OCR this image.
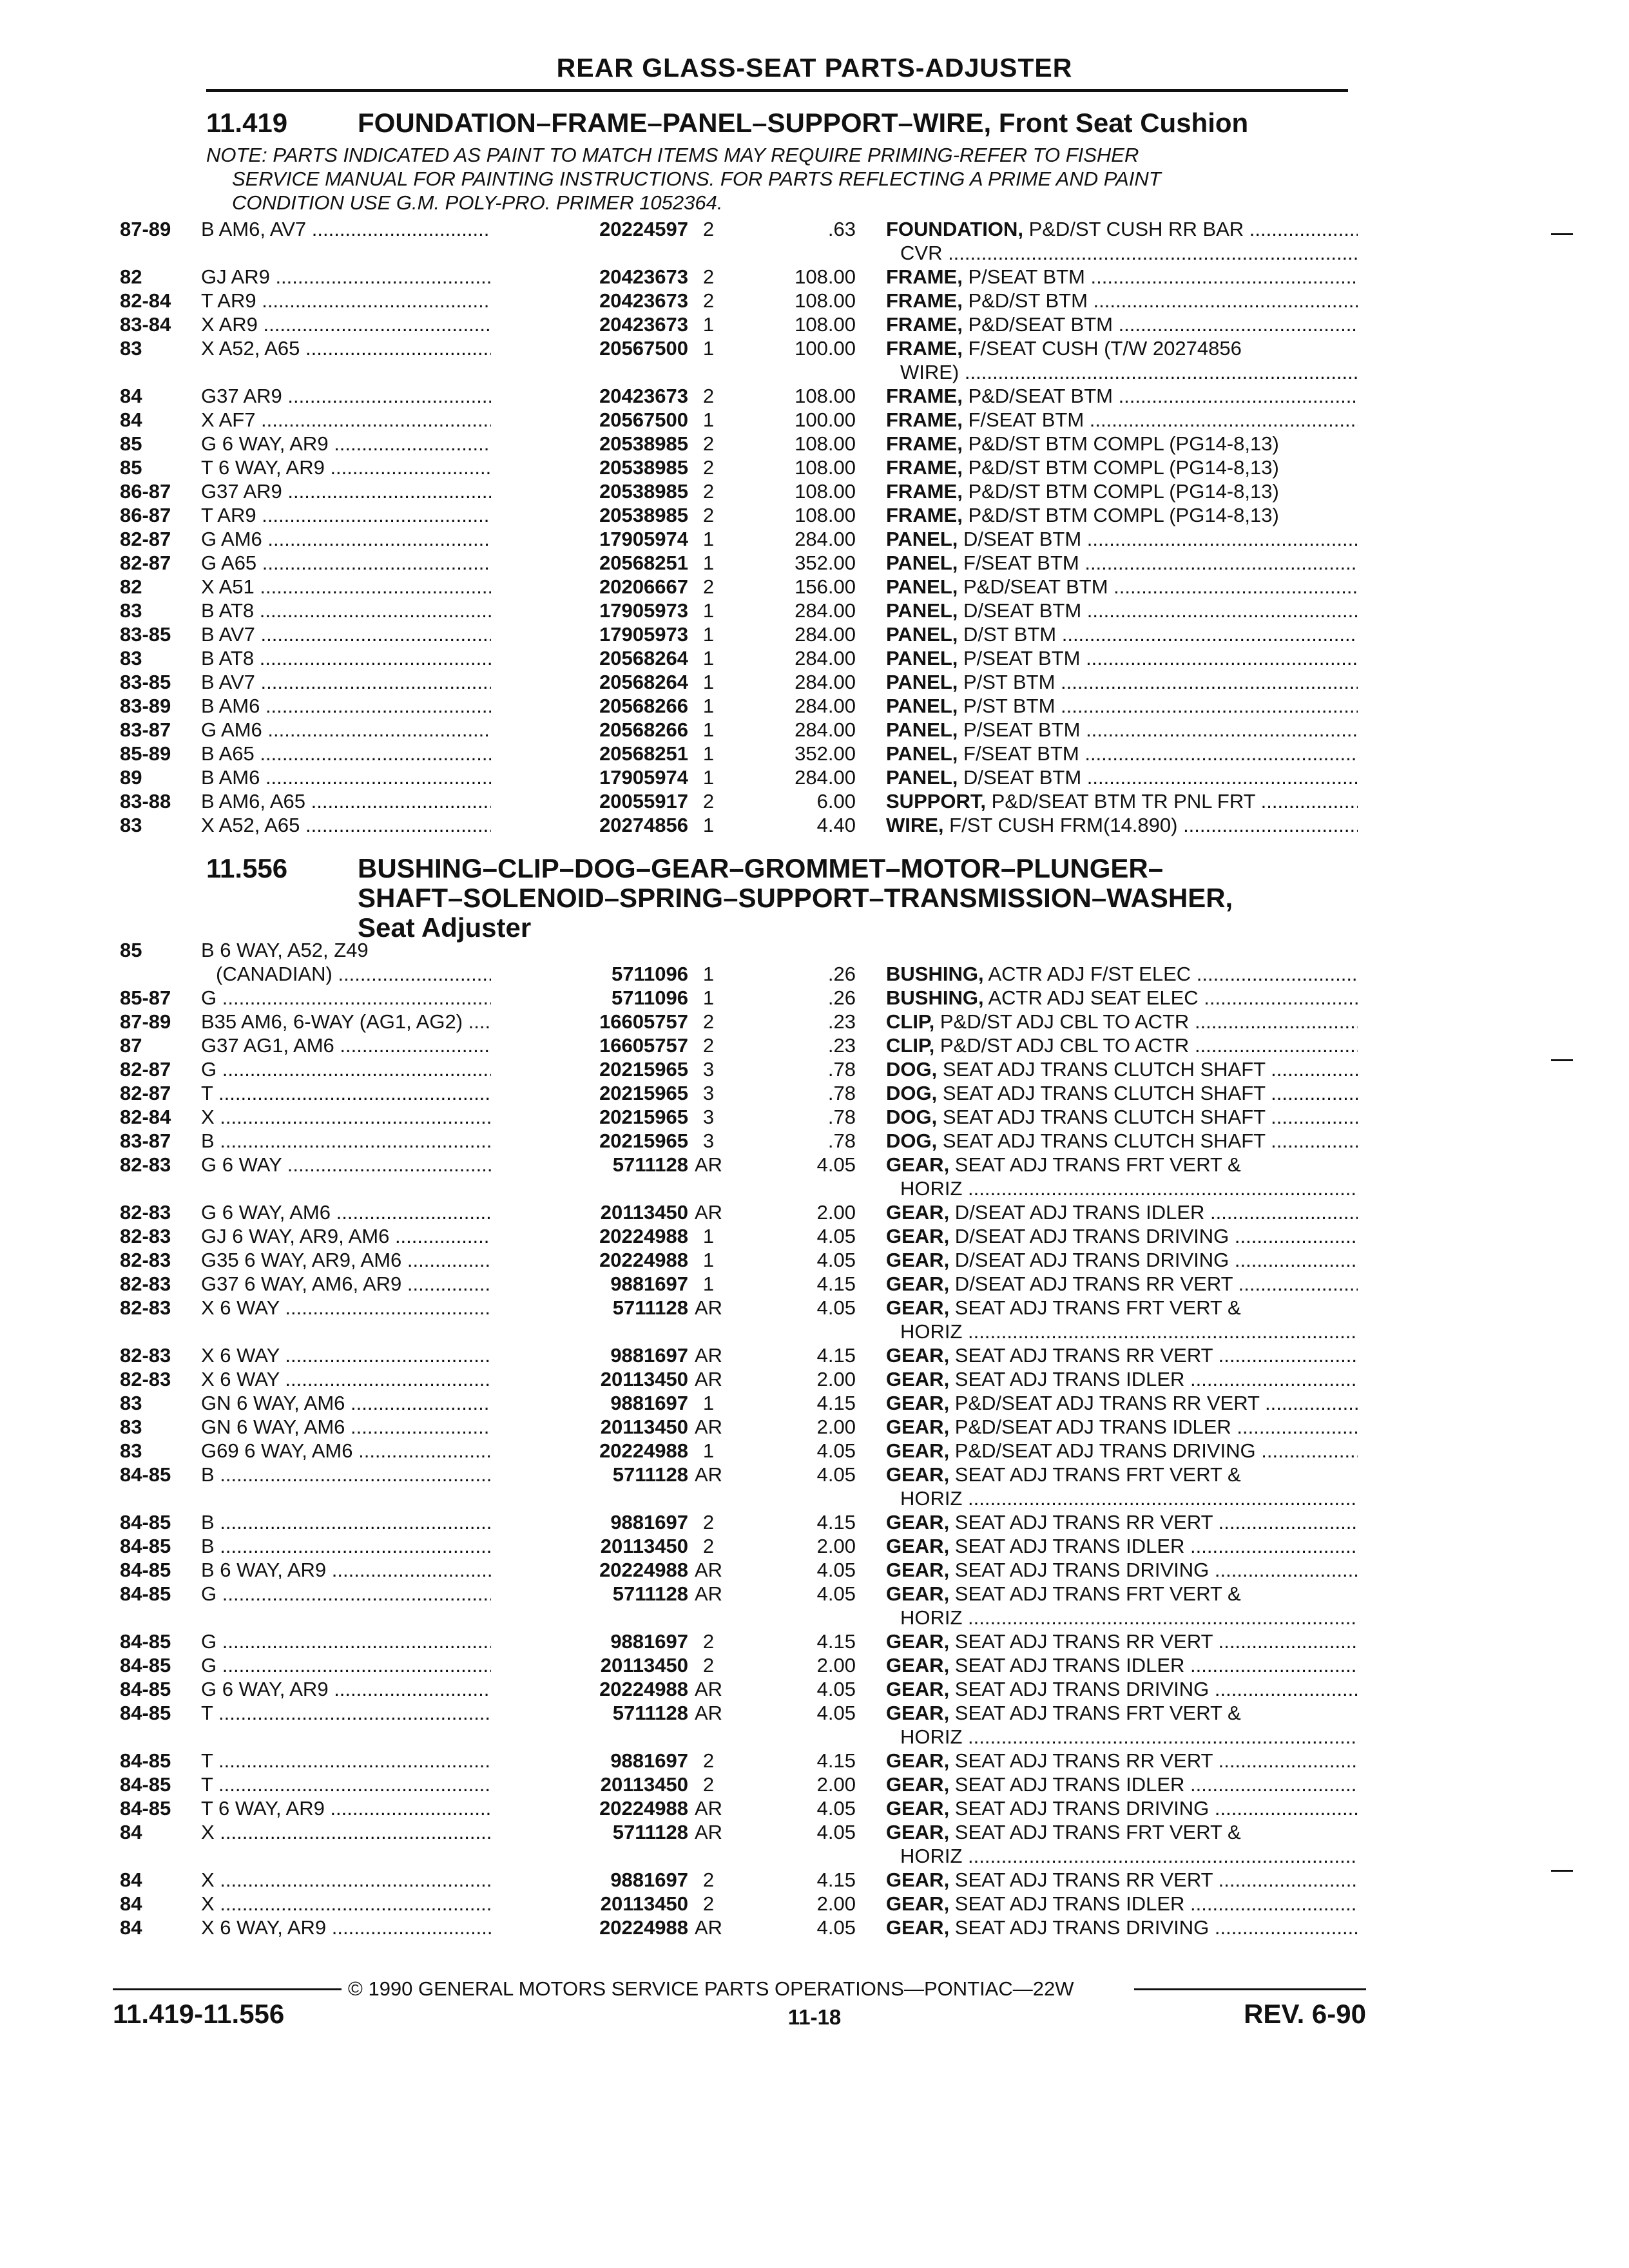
REAR GLASS-SEAT PARTS-ADJUSTER
11.419	FOUNDATION–FRAME–PANEL–SUPPORT–WIRE, Front Seat Cushion
NOTE: PARTS INDICATED AS PAINT TO MATCH ITEMS MAY REQUIRE PRIMING-REFER TO FISHER
SERVICE MANUAL FOR PAINTING INSTRUCTIONS. FOR PARTS REFLECTING A PRIME AND PAINT
CONDITION USE G.M. POLY-PRO. PRIMER 1052364.
87-89 B AM6, AV7 .....	20224597 2	.63 FOUNDATION, P&D/ST CUSH RR BAR .....
CVR .....
82	GJ AR9 .....	20423673 2	108.00 FRAME, P/SEAT BTM .....
82-84 T AR9 .....	20423673 2	108.00 FRAME, P&D/ST BTM .....
83-84 X AR9 .....	20423673 1	108.00 FRAME, P&D/SEAT BTM .....
83	X A52, A65 .....	20567500 1	100.00 FRAME, F/SEAT CUSH (T/W 20274856
WIRE) .....
84	G37 AR9 .....	20423673 2	108.00 FRAME, P&D/SEAT BTM .....
84	X AF7 .....	20567500 1	100.00 FRAME, F/SEAT BTM .....
85	G 6 WAY, AR9 .....	20538985 2	108.00 FRAME, P&D/ST BTM COMPL (PG14-8,13)
85	T 6 WAY, AR9 .....	20538985 2	108.00 FRAME, P&D/ST BTM COMPL (PG14-8,13)
86-87 G37 AR9 .....	20538985 2	108.00 FRAME, P&D/ST BTM COMPL (PG14-8,13)
86-87 T AR9 .....	20538985 2	108.00 FRAME, P&D/ST BTM COMPL (PG14-8,13)
82-87 G AM6 .....	17905974 1	284.00 PANEL, D/SEAT BTM .....
82-87 G A65 .....	20568251 1	352.00 PANEL, F/SEAT BTM .....
82	X A51 .....	20206667 2	156.00 PANEL, P&D/SEAT BTM .....
83	B AT8 .....	17905973 1	284.00 PANEL, D/SEAT BTM .....
83-85 B AV7 .....	17905973 1	284.00 PANEL, D/ST BTM .....
83	B AT8 .....	20568264 1	284.00 PANEL, P/SEAT BTM .....
83-85 B AV7 .....	20568264 1	284.00 PANEL, P/ST BTM .....
83-89 B AM6 .....	20568266 1	284.00 PANEL, P/ST BTM .....
83-87 G AM6 .....	20568266 1	284.00 PANEL, P/SEAT BTM .....
85-89 B A65 .....	20568251 1	352.00 PANEL, F/SEAT BTM .....
89	B AM6 .....	17905974 1	284.00 PANEL, D/SEAT BTM .....
83-88 B AM6, A65 .....	20055917 2	6.00 SUPPORT, P&D/SEAT BTM TR PNL FRT .....
83	X A52, A65 .....	20274856 1	4.40 WIRE, F/ST CUSH FRM(14.890) .....
11.556	BUSHING–CLIP–DOG–GEAR–GROMMET–MOTOR–PLUNGER–
SHAFT–SOLENOID–SPRING–SUPPORT–TRANSMISSION–WASHER,
Seat Adjuster
85	B 6 WAY, A52, Z49
(CANADIAN) .....	5711096 1	.26 BUSHING, ACTR ADJ F/ST ELEC .....
85-87 G .....	5711096 1	.26 BUSHING, ACTR ADJ SEAT ELEC .....
87-89 B35 AM6, 6-WAY (AG1, AG2) .....	16605757 2	.23 CLIP, P&D/ST ADJ CBL TO ACTR .....
87	G37 AG1, AM6 .....	16605757 2	.23 CLIP, P&D/ST ADJ CBL TO ACTR .....
82-87 G .....	20215965 3	.78 DOG, SEAT ADJ TRANS CLUTCH SHAFT .....
82-87 T .....	20215965 3	.78 DOG, SEAT ADJ TRANS CLUTCH SHAFT .....
82-84 X .....	20215965 3	.78 DOG, SEAT ADJ TRANS CLUTCH SHAFT .....
83-87 B .....	20215965 3	.78 DOG, SEAT ADJ TRANS CLUTCH SHAFT .....
82-83 G 6 WAY .....	5711128 AR	4.05 GEAR, SEAT ADJ TRANS FRT VERT &
HORIZ .....
82-83 G 6 WAY, AM6 .....	20113450 AR	2.00 GEAR, D/SEAT ADJ TRANS IDLER .....
82-83 GJ 6 WAY, AR9, AM6 .....	20224988 1	4.05 GEAR, D/SEAT ADJ TRANS DRIVING .....
82-83 G35 6 WAY, AR9, AM6 .....	20224988 1	4.05 GEAR, D/SEAT ADJ TRANS DRIVING .....
82-83 G37 6 WAY, AM6, AR9 .....	9881697 1	4.15 GEAR, D/SEAT ADJ TRANS RR VERT .....
82-83 X 6 WAY .....	5711128 AR	4.05 GEAR, SEAT ADJ TRANS FRT VERT &
HORIZ .....
82-83 X 6 WAY .....	9881697 AR	4.15 GEAR, SEAT ADJ TRANS RR VERT .....
82-83 X 6 WAY .....	20113450 AR	2.00 GEAR, SEAT ADJ TRANS IDLER .....
83	GN 6 WAY, AM6 .....	9881697 1	4.15 GEAR, P&D/SEAT ADJ TRANS RR VERT .....
83	GN 6 WAY, AM6 .....	20113450 AR	2.00 GEAR, P&D/SEAT ADJ TRANS IDLER .....
83	G69 6 WAY, AM6 .....	20224988 1	4.05 GEAR, P&D/SEAT ADJ TRANS DRIVING .....
84-85 B .....	5711128 AR	4.05 GEAR, SEAT ADJ TRANS FRT VERT &
HORIZ .....
84-85 B .....	9881697 2	4.15 GEAR, SEAT ADJ TRANS RR VERT .....
84-85 B .....	20113450 2	2.00 GEAR, SEAT ADJ TRANS IDLER .....
84-85 B 6 WAY, AR9 .....	20224988 AR	4.05 GEAR, SEAT ADJ TRANS DRIVING .....
84-85 G .....	5711128 AR	4.05 GEAR, SEAT ADJ TRANS FRT VERT &
HORIZ .....
84-85 G .....	9881697 2	4.15 GEAR, SEAT ADJ TRANS RR VERT .....
84-85 G .....	20113450 2	2.00 GEAR, SEAT ADJ TRANS IDLER .....
84-85 G 6 WAY, AR9 .....	20224988 AR	4.05 GEAR, SEAT ADJ TRANS DRIVING .....
84-85 T .....	5711128 AR	4.05 GEAR, SEAT ADJ TRANS FRT VERT &
HORIZ .....
84-85 T .....	9881697 2	4.15 GEAR, SEAT ADJ TRANS RR VERT .....
84-85 T .....	20113450 2	2.00 GEAR, SEAT ADJ TRANS IDLER .....
84-85 T 6 WAY, AR9 .....	20224988 AR	4.05 GEAR, SEAT ADJ TRANS DRIVING .....
84	X .....	5711128 AR	4.05 GEAR, SEAT ADJ TRANS FRT VERT &
HORIZ .....
84	X .....	9881697 2	4.15 GEAR, SEAT ADJ TRANS RR VERT .....
84	X .....	20113450 2	2.00 GEAR, SEAT ADJ TRANS IDLER .....
84	X 6 WAY, AR9 .....	20224988 AR	4.05 GEAR, SEAT ADJ TRANS DRIVING .....
© 1990 GENERAL MOTORS SERVICE PARTS OPERATIONS—PONTIAC—22W
11.419-11.556	11-18	REV. 6-90
